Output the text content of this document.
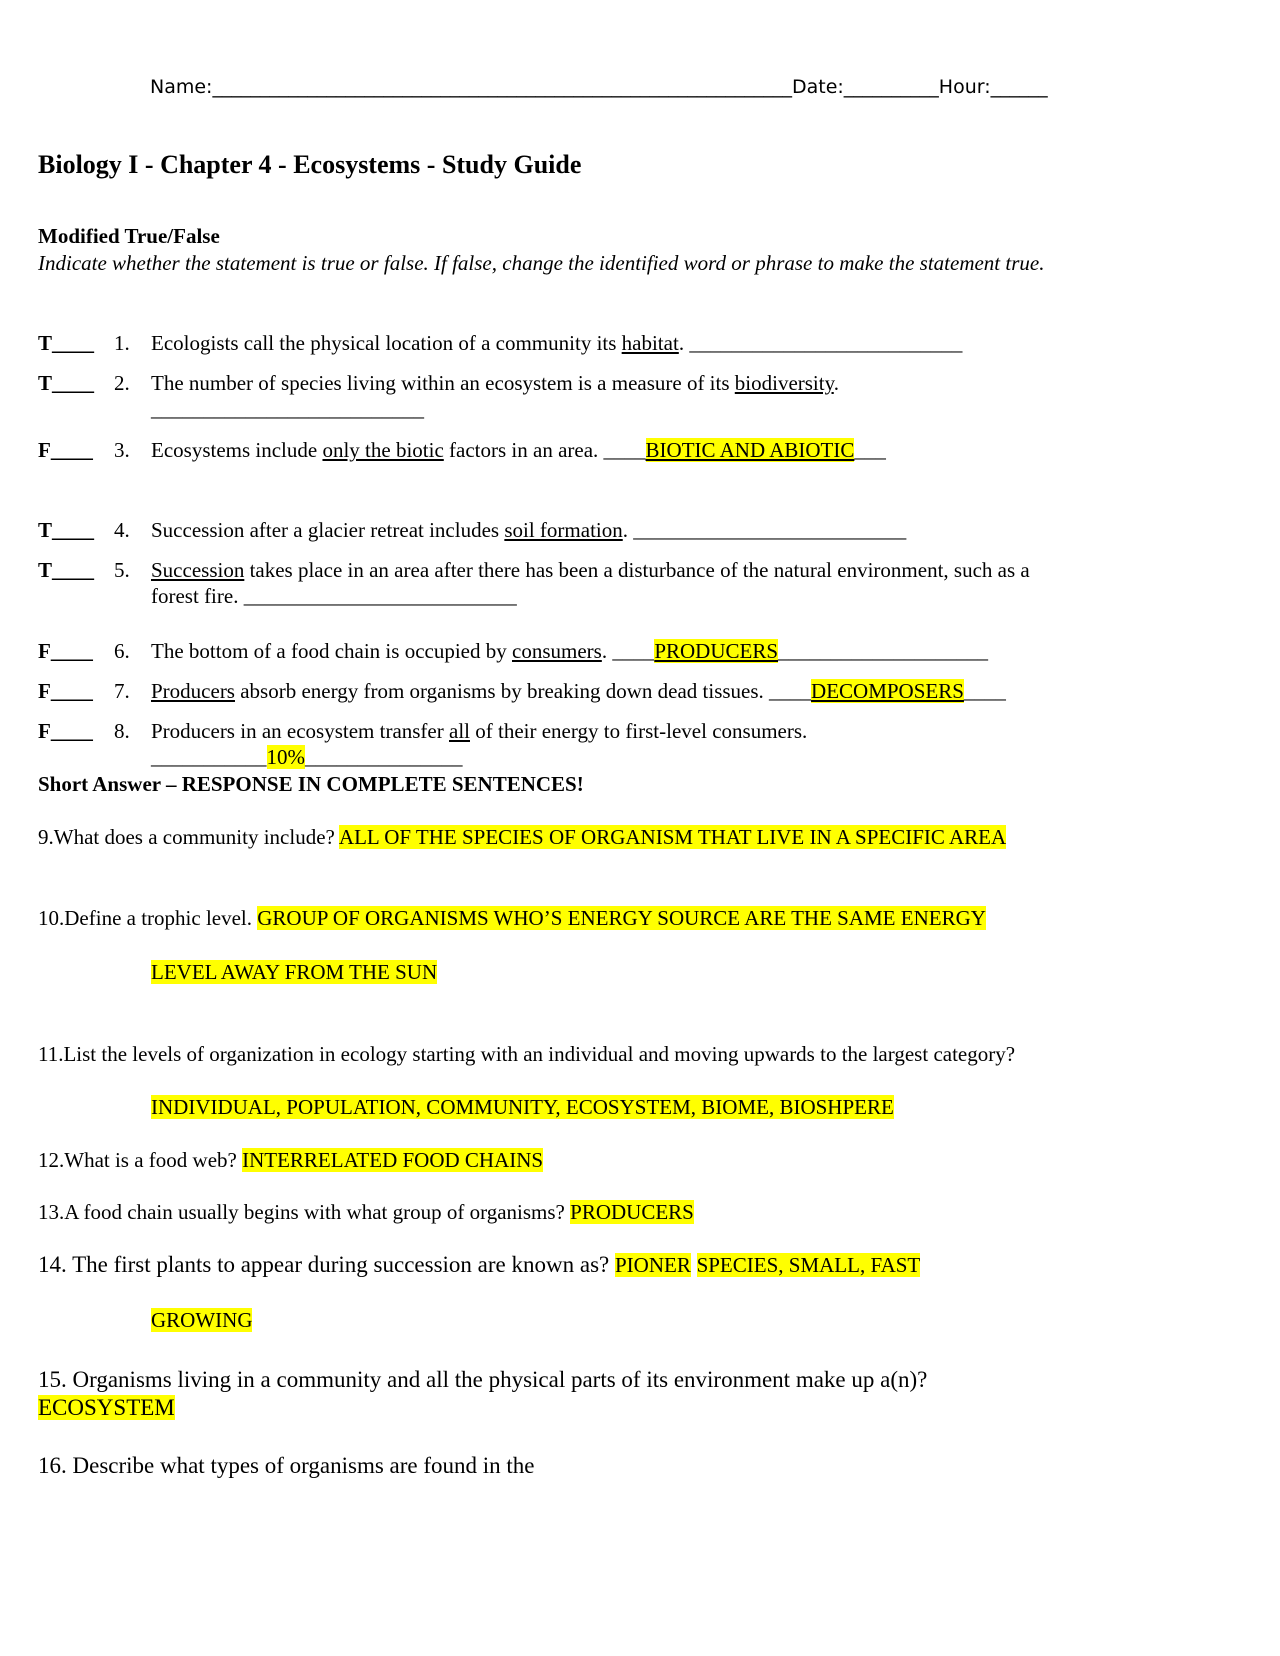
Name:_____________________________________________________________Date:__________Hour:______
Biology I - Chapter 4 - Ecosystems - Study Guide
Modified True/False
Indicate whether the statement is true or false. If false, change the identified word or phrase to make the statement true.
T____ 1. Ecologists call the physical location of a community its habitat. __________________________
T____ 2. The number of species living within an ecosystem is a measure of its biodiversity.
__________________________
F____ 3. Ecosystems include only the biotic factors in an area. ____BIOTIC AND ABIOTIC___
T____ 4. Succession after a glacier retreat includes soil formation. __________________________
T____ 5. Succession takes place in an area after there has been a disturbance of the natural environment, such as a
forest fire. __________________________
F____ 6. The bottom of a food chain is occupied by consumers. ____PRODUCERS____________________
F____ 7. Producers absorb energy from organisms by breaking down dead tissues. ____DECOMPOSERS____
F____ 8. Producers in an ecosystem transfer all of their energy to first-level consumers.
___________10%_______________
Short Answer – RESPONSE IN COMPLETE SENTENCES!
9.What does a community include? ALL OF THE SPECIES OF ORGANISM THAT LIVE IN A SPECIFIC AREA
10.Define a trophic level. GROUP OF ORGANISMS WHO’S ENERGY SOURCE ARE THE SAME ENERGY
LEVEL AWAY FROM THE SUN
11.List the levels of organization in ecology starting with an individual and moving upwards to the largest category?
INDIVIDUAL, POPULATION, COMMUNITY, ECOSYSTEM, BIOME, BIOSHPERE
12.What is a food web? INTERRELATED FOOD CHAINS
13.A food chain usually begins with what group of organisms? PRODUCERS
14. The first plants to appear during succession are known as? PIONER SPECIES, SMALL, FAST
GROWING
15. Organisms living in a community and all the physical parts of its environment make up a(n)?
ECOSYSTEM
16. Describe what types of organisms are found in the
